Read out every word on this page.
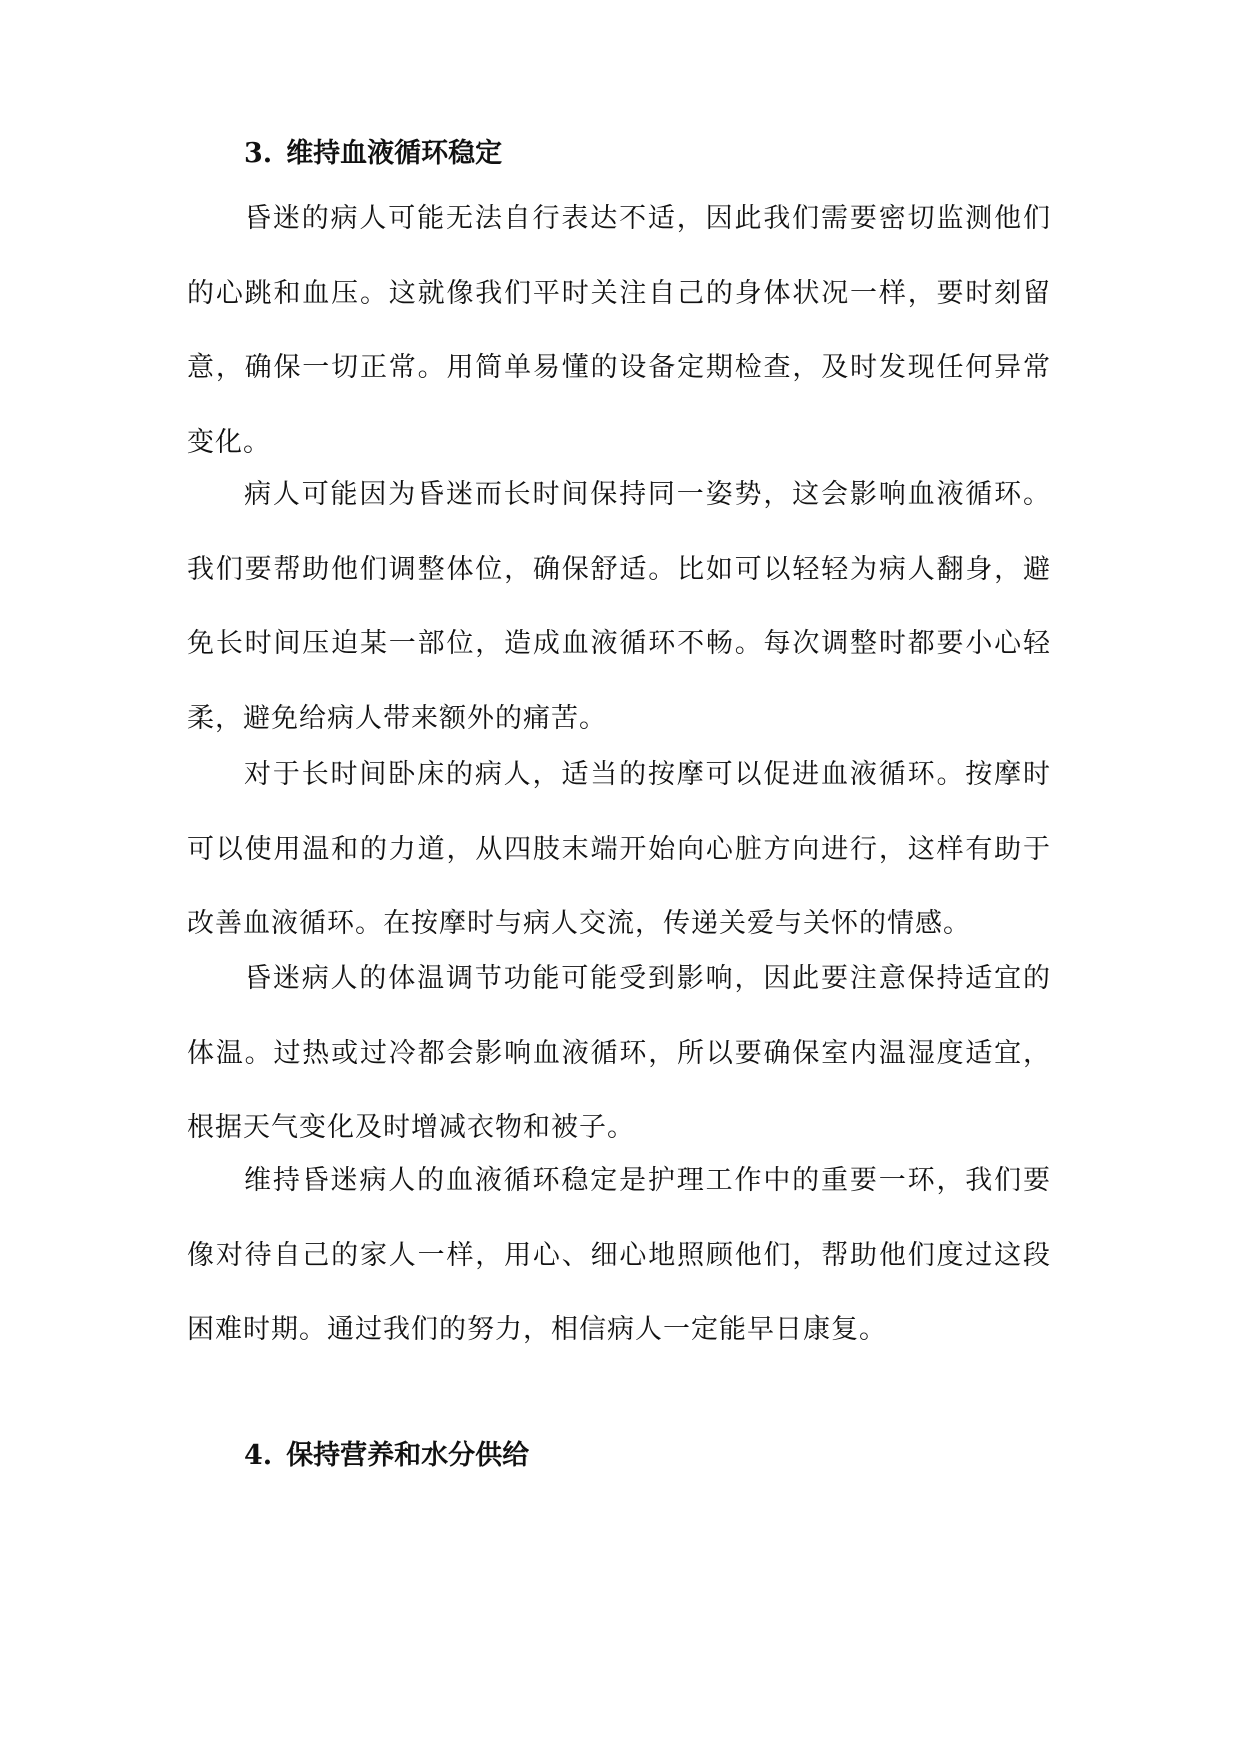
3. 维持血液循环稳定

昏迷的病人可能无法自行表达不适，因此我们需要密切监测他们的心跳和血压。这就像我们平时关注自己的身体状况一样，要时刻留意，确保一切正常。用简单易懂的设备定期检查，及时发现任何异常变化。

病人可能因为昏迷而长时间保持同一姿势，这会影响血液循环。我们要帮助他们调整体位，确保舒适。比如可以轻轻为病人翻身，避免长时间压迫某一部位，造成血液循环不畅。每次调整时都要小心轻柔，避免给病人带来额外的痛苦。

对于长时间卧床的病人，适当的按摩可以促进血液循环。按摩时可以使用温和的力道，从四肢末端开始向心脏方向进行，这样有助于改善血液循环。在按摩时与病人交流，传递关爱与关怀的情感。

昏迷病人的体温调节功能可能受到影响，因此要注意保持适宜的体温。过热或过冷都会影响血液循环，所以要确保室内温湿度适宜，根据天气变化及时增减衣物和被子。

维持昏迷病人的血液循环稳定是护理工作中的重要一环，我们要像对待自己的家人一样，用心、细心地照顾他们，帮助他们度过这段困难时期。通过我们的努力，相信病人一定能早日康复。

4. 保持营养和水分供给
